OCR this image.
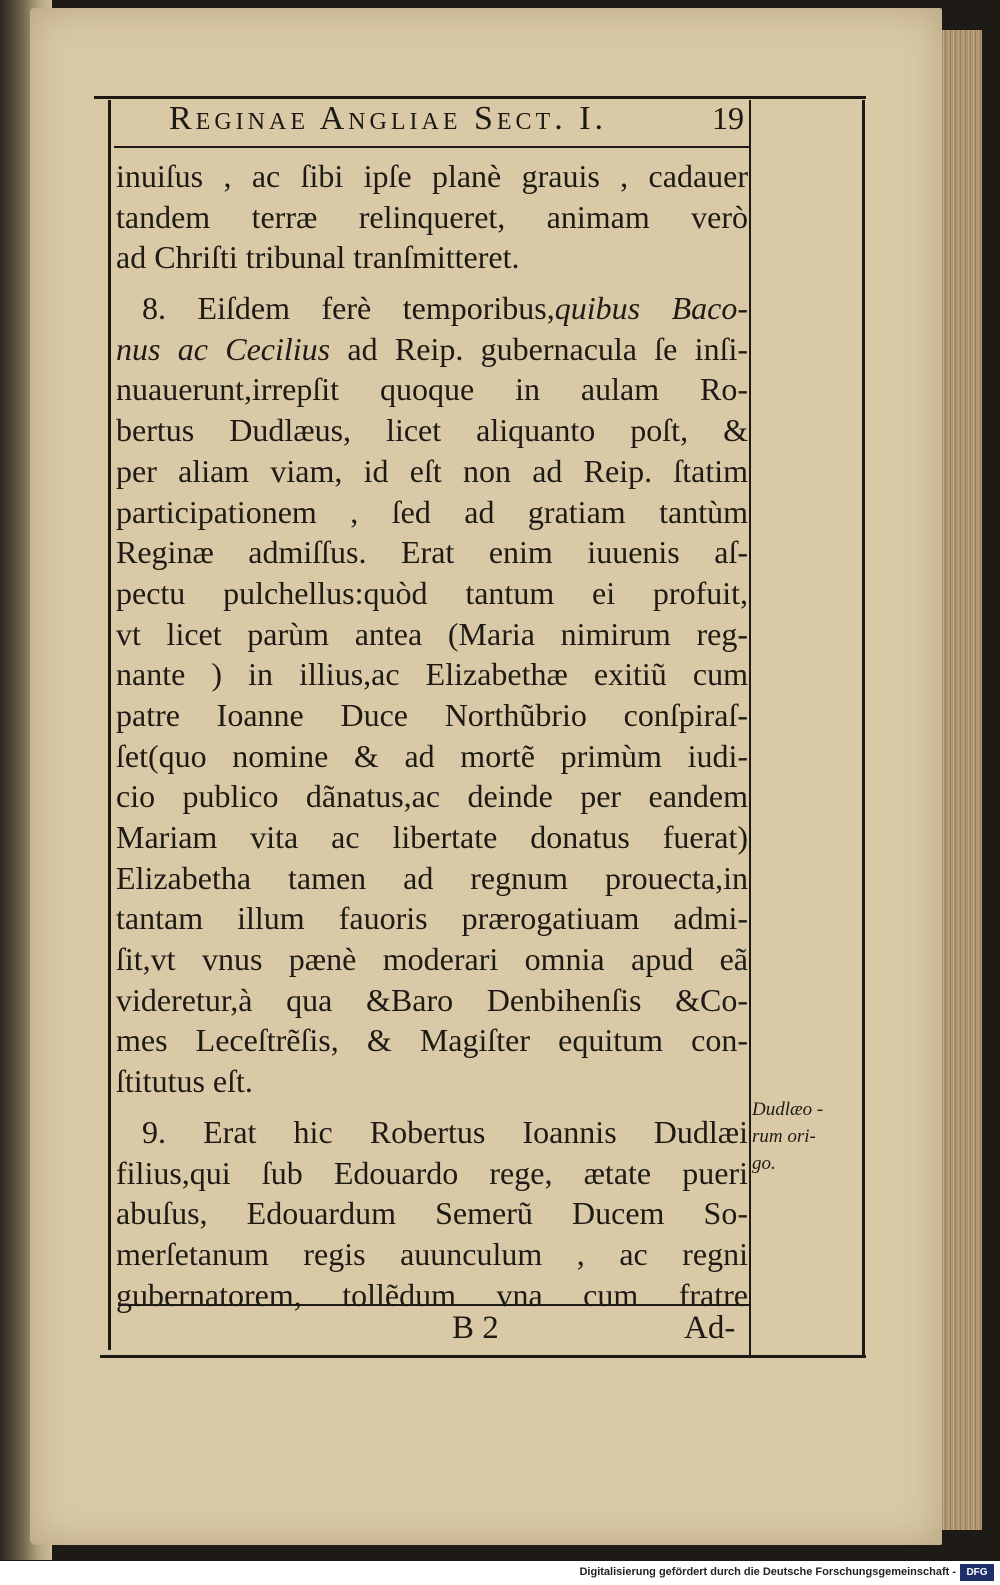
Reginae Angliae Sect. I.	19
inuiſus , ac ſibi ipſe planè grauis , cadauer
tandem terræ relinqueret, animam verò
ad Chriſti tribunal tranſmitteret.
8. Eiſdem ferè temporibus,quibus Baco-
nus ac Cecilius ad Reip. gubernacula ſe inſi-
nuauerunt,irrepſit quoque in aulam Ro-
bertus Dudlæus, licet aliquanto poſt, &
per aliam viam, id eſt non ad Reip. ſtatim
participationem , ſed ad gratiam tantùm
Reginæ admiſſus. Erat enim iuuenis aſ-
pectu pulchellus:quòd tantum ei profuit,
vt licet parùm antea (Maria nimirum reg-
nante ) in illius,ac Elizabethæ exitiũ cum
patre Ioanne Duce Northũbrio conſpiraſ-
ſet(quo nomine & ad mortẽ primùm iudi-
cio publico dãnatus,ac deinde per eandem
Mariam vita ac libertate donatus fuerat)
Elizabetha tamen ad regnum prouecta,in
tantam illum fauoris prærogatiuam admi-
ſit,vt vnus pænè moderari omnia apud eã
videretur,à qua &Baro Denbihenſis &Co-
mes Leceſtrẽſis, & Magiſter equitum con-
ſtitutus eſt.
9. Erat hic Robertus Ioannis Dudlæi
filius,qui ſub Edouardo rege, ætate pueri
abuſus, Edouardum Semerũ Ducem So-
merſetanum regis auunculum , ac regni
gubernatorem, tollẽdum vna cum fratre
Dudlæo -
rum ori-
go.
B 2	Ad-
Digitalisierung gefördert durch die Deutsche Forschungsgemeinschaft -	DFG
